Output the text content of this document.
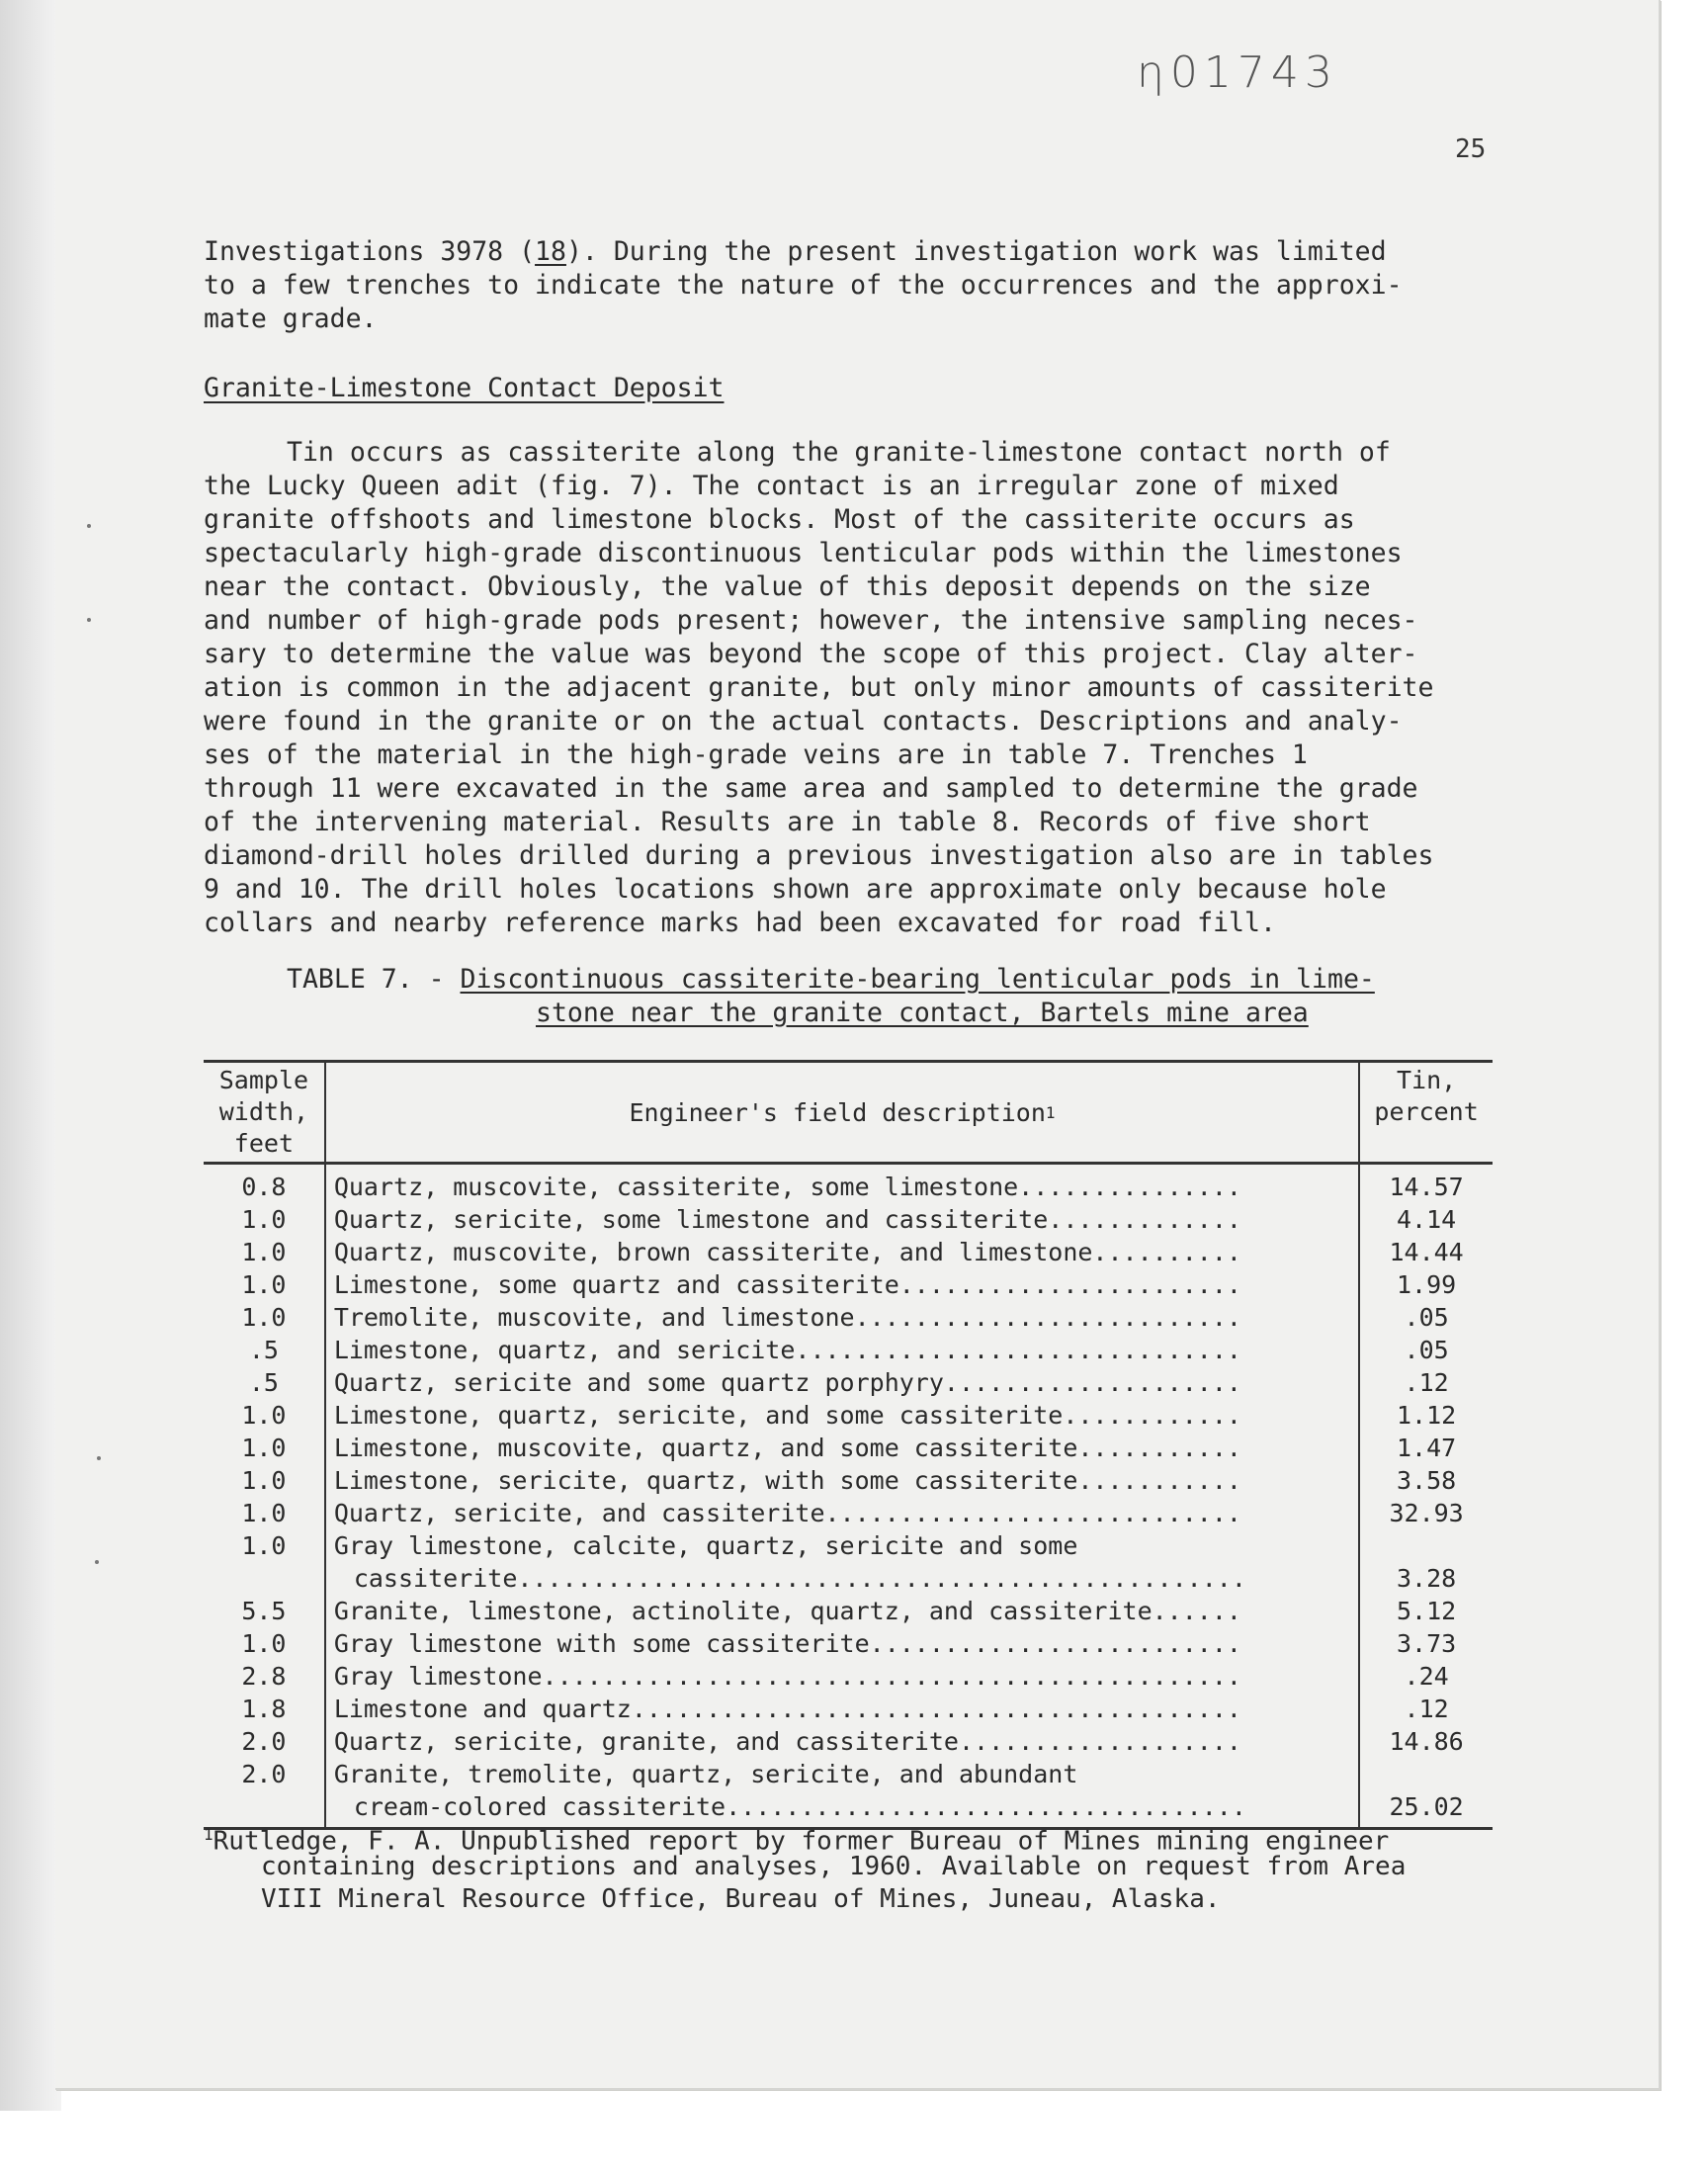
ƞ01743
25
Investigations 3978 (18). During the present investigation work was limited
to a few trenches to indicate the nature of the occurrences and the approxi-
mate grade.
Granite-Limestone Contact Deposit
Tin occurs as cassiterite along the granite-limestone contact north of
the Lucky Queen adit (fig. 7). The contact is an irregular zone of mixed
granite offshoots and limestone blocks. Most of the cassiterite occurs as
spectacularly high-grade discontinuous lenticular pods within the limestones
near the contact. Obviously, the value of this deposit depends on the size
and number of high-grade pods present; however, the intensive sampling neces-
sary to determine the value was beyond the scope of this project. Clay alter-
ation is common in the adjacent granite, but only minor amounts of cassiterite
were found in the granite or on the actual contacts. Descriptions and analy-
ses of the material in the high-grade veins are in table 7. Trenches 1
through 11 were excavated in the same area and sampled to determine the grade
of the intervening material. Results are in table 8. Records of five short
diamond-drill holes drilled during a previous investigation also are in tables
9 and 10. The drill holes locations shown are approximate only because hole
collars and nearby reference marks had been excavated for road fill.
TABLE 7. - Discontinuous cassiterite-bearing lenticular pods in lime-
stone near the granite contact, Bartels mine area
Sample
width,
feet
Engineer's field description 1
Tin,
percent
0.8
1.0
1.0
1.0
1.0
.5
.5
1.0
1.0
1.0
1.0
1.0
5.5
1.0
2.8
1.8
2.0
2.0
Quartz, muscovite, cassiterite, some limestone...............
Quartz, sericite, some limestone and cassiterite.............
Quartz, muscovite, brown cassiterite, and limestone..........
Limestone, some quartz and cassiterite.......................
Tremolite, muscovite, and limestone..........................
Limestone, quartz, and sericite..............................
Quartz, sericite and some quartz porphyry....................
Limestone, quartz, sericite, and some cassiterite............
Limestone, muscovite, quartz, and some cassiterite...........
Limestone, sericite, quartz, with some cassiterite...........
Quartz, sericite, and cassiterite............................
Gray limestone, calcite, quartz, sericite and some
cassiterite.................................................
Granite, limestone, actinolite, quartz, and cassiterite......
Gray limestone with some cassiterite.........................
Gray limestone...............................................
Limestone and quartz.........................................
Quartz, sericite, granite, and cassiterite...................
Granite, tremolite, quartz, sericite, and abundant
cream-colored cassiterite...................................
14.57
4.14
14.44
1.99
.05
.05
.12
1.12
1.47
3.58
32.93
3.28
5.12
3.73
.24
.12
14.86
25.02
$^1$Rutledge, F. A. Unpublished report by former Bureau of Mines mining engineer
containing descriptions and analyses, 1960. Available on request from Area
VIII Mineral Resource Office, Bureau of Mines, Juneau, Alaska.
